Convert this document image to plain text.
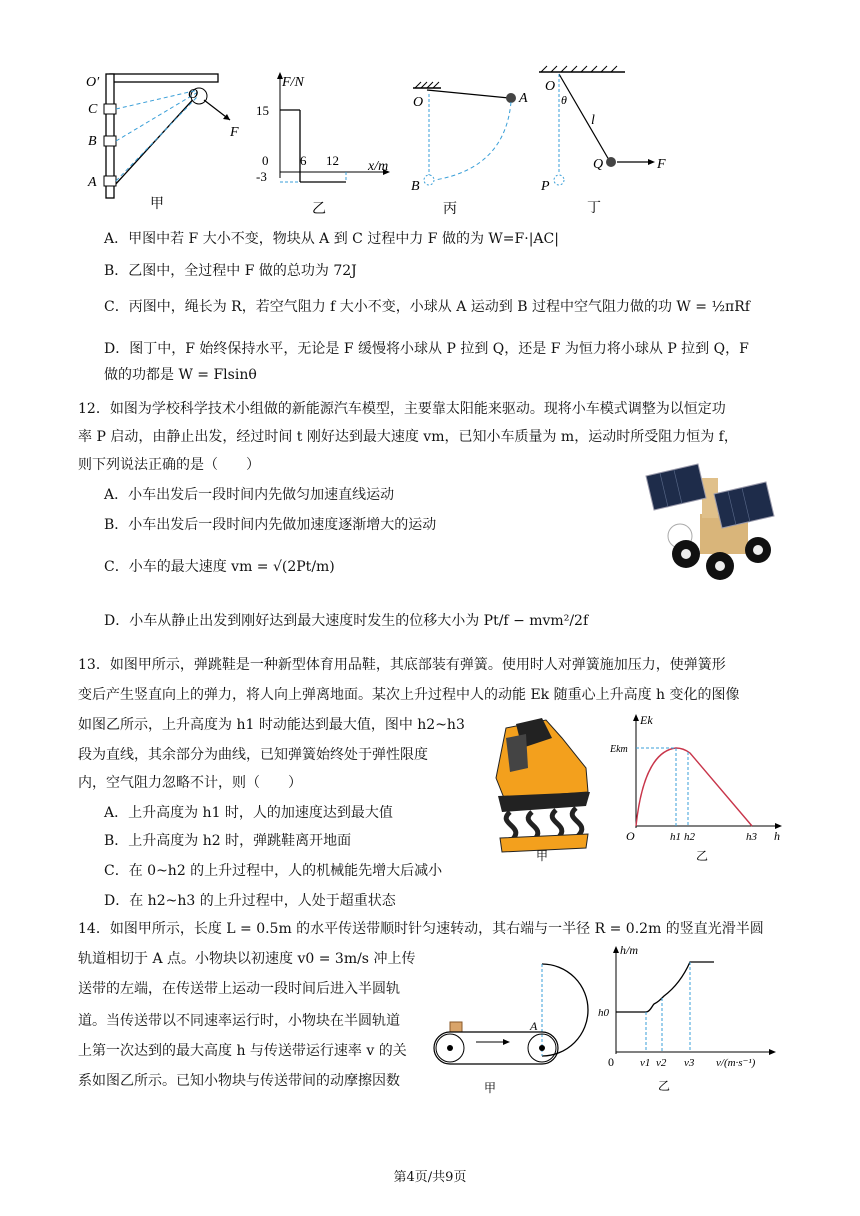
O′
O
C
B
A
F
甲
F/N
15
0
-3
6 12 x/m
乙
O	A
B
丙
O
θ
l
Q
P
F
丁
A．甲图中若 F 大小不变，物块从 A 到 C 过程中力 F 做的为 W=F·|AC|
B．乙图中，全过程中 F 做的总功为 72J
C．丙图中，绳长为 R，若空气阻力 f 大小不变，小球从 A 运动到 B 过程中空气阻力做的功 W = ½πRf
D．图丁中，F 始终保持水平，无论是 F 缓慢将小球从 P 拉到 Q，还是 F 为恒力将小球从 P 拉到 Q，F
做的功都是 W = Flsinθ
12．如图为学校科学技术小组做的新能源汽车模型，主要靠太阳能来驱动。现将小车模式调整为以恒定功
率 P 启动，由静止出发，经过时间 t 刚好达到最大速度 vm，已知小车质量为 m，运动时所受阻力恒为 f，
则下列说法正确的是（　　）
A．小车出发后一段时间内先做匀加速直线运动
B．小车出发后一段时间内先做加速度逐渐增大的运动
C．小车的最大速度 vm = √(2Pt/m)
D．小车从静止出发到刚好达到最大速度时发生的位移大小为 Pt/f − mvm²/2f
13．如图甲所示，弹跳鞋是一种新型体育用品鞋，其底部装有弹簧。使用时人对弹簧施加压力，使弹簧形
变后产生竖直向上的弹力，将人向上弹离地面。某次上升过程中人的动能 Ek 随重心上升高度 h 变化的图像
如图乙所示，上升高度为 h1 时动能达到最大值，图中 h2~h3
段为直线，其余部分为曲线，已知弹簧始终处于弹性限度
内，空气阻力忽略不计，则（　　）
A．上升高度为 h1 时，人的加速度达到最大值
B．上升高度为 h2 时，弹跳鞋离开地面
C．在 0~h2 的上升过程中，人的机械能先增大后减小
D．在 h2~h3 的上升过程中，人处于超重状态
甲
Ek
Ekm
O	h1 h2	h3 h
乙
14．如图甲所示，长度 L = 0.5m 的水平传送带顺时针匀速转动，其右端与一半径 R = 0.2m 的竖直光滑半圆
轨道相切于 A 点。小物块以初速度 v0 = 3m/s 冲上传
送带的左端，在传送带上运动一段时间后进入半圆轨
道。当传送带以不同速率运行时，小物块在半圆轨道
上第一次达到的最大高度 h 与传送带运行速率 v 的关
系如图乙所示。已知小物块与传送带间的动摩擦因数
A
甲
h/m
h0
0 v1 v2 v3 v/(m·s⁻¹)
乙
第4页/共9页
